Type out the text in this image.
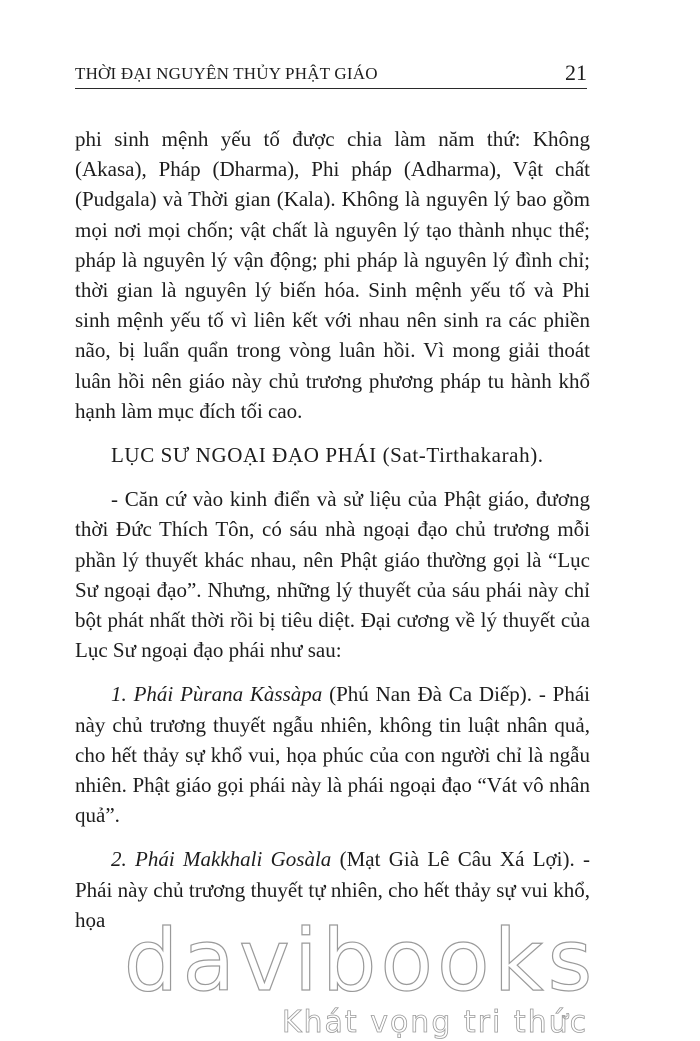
THỜI ĐẠI NGUYÊN THỦY PHẬT GIÁO	21

phi sinh mệnh yếu tố được chia làm năm thứ: Không (Akasa), Pháp (Dharma), Phi pháp (Adharma), Vật chất (Pudgala) và Thời gian (Kala). Không là nguyên lý bao gồm mọi nơi mọi chốn; vật chất là nguyên lý tạo thành nhục thể; pháp là nguyên lý vận động; phi pháp là nguyên lý đình chỉ; thời gian là nguyên lý biến hóa. Sinh mệnh yếu tố và Phi sinh mệnh yếu tố vì liên kết với nhau nên sinh ra các phiền não, bị luẩn quẩn trong vòng luân hồi. Vì mong giải thoát luân hồi nên giáo này chủ trương phương pháp tu hành khổ hạnh làm mục đích tối cao.

LỤC SƯ NGOẠI ĐẠO PHÁI (Sat-Tirthakarah).

- Căn cứ vào kinh điển và sử liệu của Phật giáo, đương thời Đức Thích Tôn, có sáu nhà ngoại đạo chủ trương mỗi phần lý thuyết khác nhau, nên Phật giáo thường gọi là “Lục Sư ngoại đạo”. Nhưng, những lý thuyết của sáu phái này chỉ bột phát nhất thời rồi bị tiêu diệt. Đại cương về lý thuyết của Lục Sư ngoại đạo phái như sau:

1. Phái Pùrana Kàssàpa (Phú Nan Đà Ca Diếp). - Phái này chủ trương thuyết ngẫu nhiên, không tin luật nhân quả, cho hết thảy sự khổ vui, họa phúc của con người chỉ là ngẫu nhiên. Phật giáo gọi phái này là phái ngoại đạo “Vát vô nhân quả”.

2. Phái Makkhali Gosàla (Mạt Già Lê Câu Xá Lợi). - Phái này chủ trương thuyết tự nhiên, cho hết thảy sự vui khổ, họa davibooks
Khát vọng tri thức
